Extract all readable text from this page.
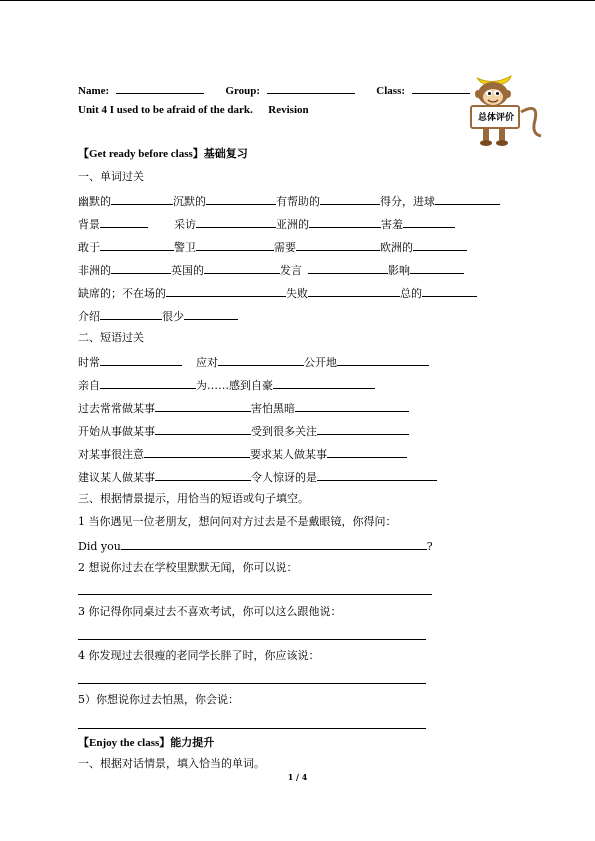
总体评价
Name:	Group:	Class:
Unit 4 I used to be afraid of the dark. Revision
【Get ready before class】基础复习
一、单词过关
幽默的	沉默的	有帮助的	得分，进球
背景	采访	亚洲的	害羞
敢于	警卫	需要	欧洲的
非洲的	英国的	发言	影响
缺席的；不在场的	失败	总的
介绍	很少
二、短语过关
时常	应对	公开地
亲自	为……感到自豪
过去常常做某事	害怕黑暗
开始从事做某事	受到很多关注
对某事很注意	要求某人做某事
建议某人做某事	令人惊讶的是
三、根据情景提示，用恰当的短语或句子填空。
1 当你遇见一位老朋友，想问问对方过去是不是戴眼镜，你得问：
Did you	?
2 想说你过去在学校里默默无闻，你可以说：
3 你记得你同桌过去不喜欢考试，你可以这么跟他说：
4 你发现过去很瘦的老同学长胖了时，你应该说：
5）你想说你过去怕黑，你会说：
【Enjoy the class】能力提升
一、根据对话情景，填入恰当的单词。
1 / 4
